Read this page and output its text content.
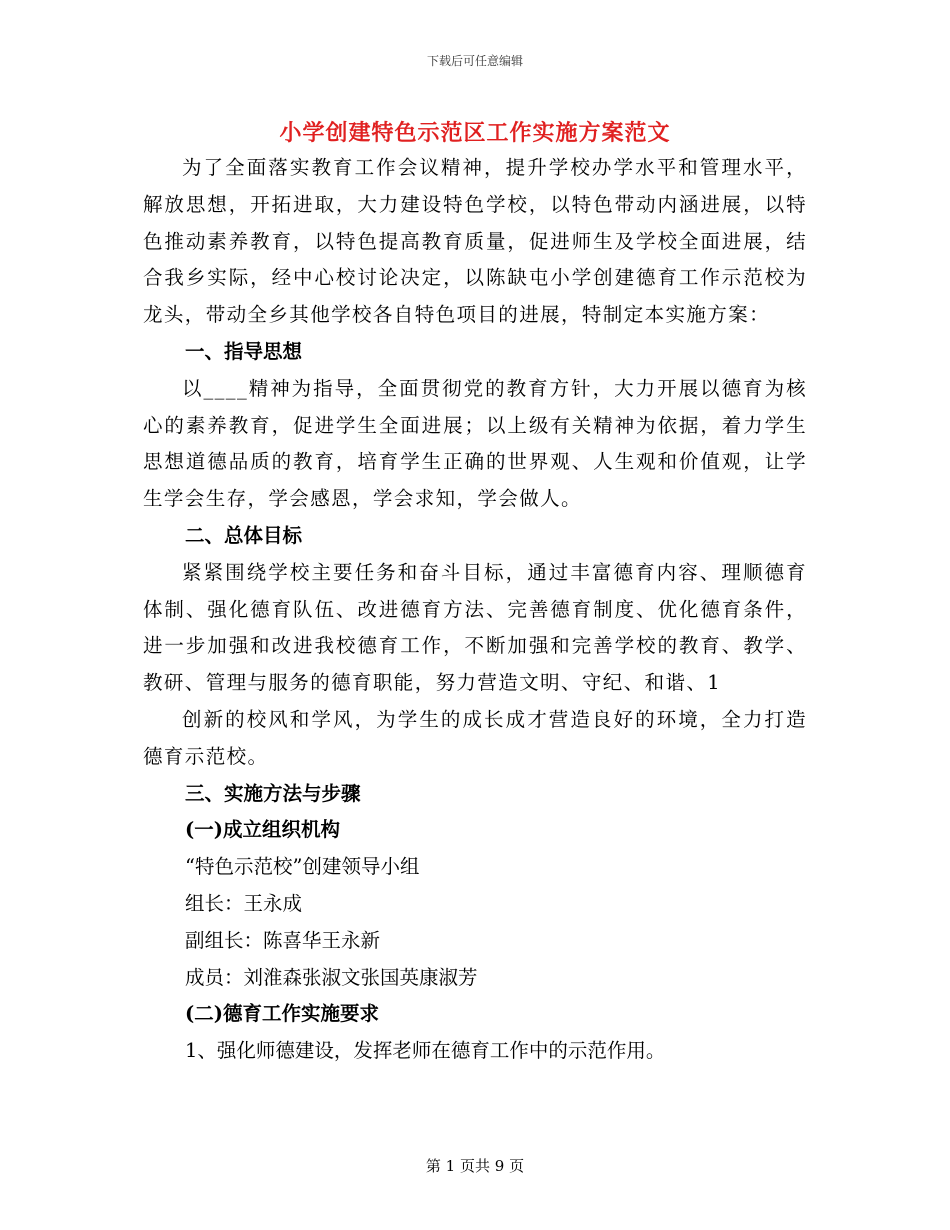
下载后可任意编辑
小学创建特色示范区工作实施方案范文

为了全面落实教育工作会议精神，提升学校办学水平和管理水平，解放思想，开拓进取，大力建设特色学校，以特色带动内涵进展，以特色推动素养教育，以特色提高教育质量，促进师生及学校全面进展，结合我乡实际，经中心校讨论决定，以陈缺屯小学创建德育工作示范校为龙头，带动全乡其他学校各自特色项目的进展，特制定本实施方案：

一、指导思想

以____精神为指导，全面贯彻党的教育方针，大力开展以德育为核心的素养教育，促进学生全面进展；以上级有关精神为依据，着力学生思想道德品质的教育，培育学生正确的世界观、人生观和价值观，让学生学会生存，学会感恩，学会求知，学会做人。

二、总体目标

紧紧围绕学校主要任务和奋斗目标，通过丰富德育内容、理顺德育体制、强化德育队伍、改进德育方法、完善德育制度、优化德育条件，进一步加强和改进我校德育工作，不断加强和完善学校的教育、教学、教研、管理与服务的德育职能，努力营造文明、守纪、和谐、1

创新的校风和学风，为学生的成长成才营造良好的环境，全力打造德育示范校。

三、实施方法与步骤
(一)成立组织机构
“特色示范校”创建领导小组
组长：王永成
副组长：陈喜华王永新
成员：刘淮森张淑文张国英康淑芳
(二)德育工作实施要求
1、强化师德建设，发挥老师在德育工作中的示范作用。
第 1 页共 9 页
